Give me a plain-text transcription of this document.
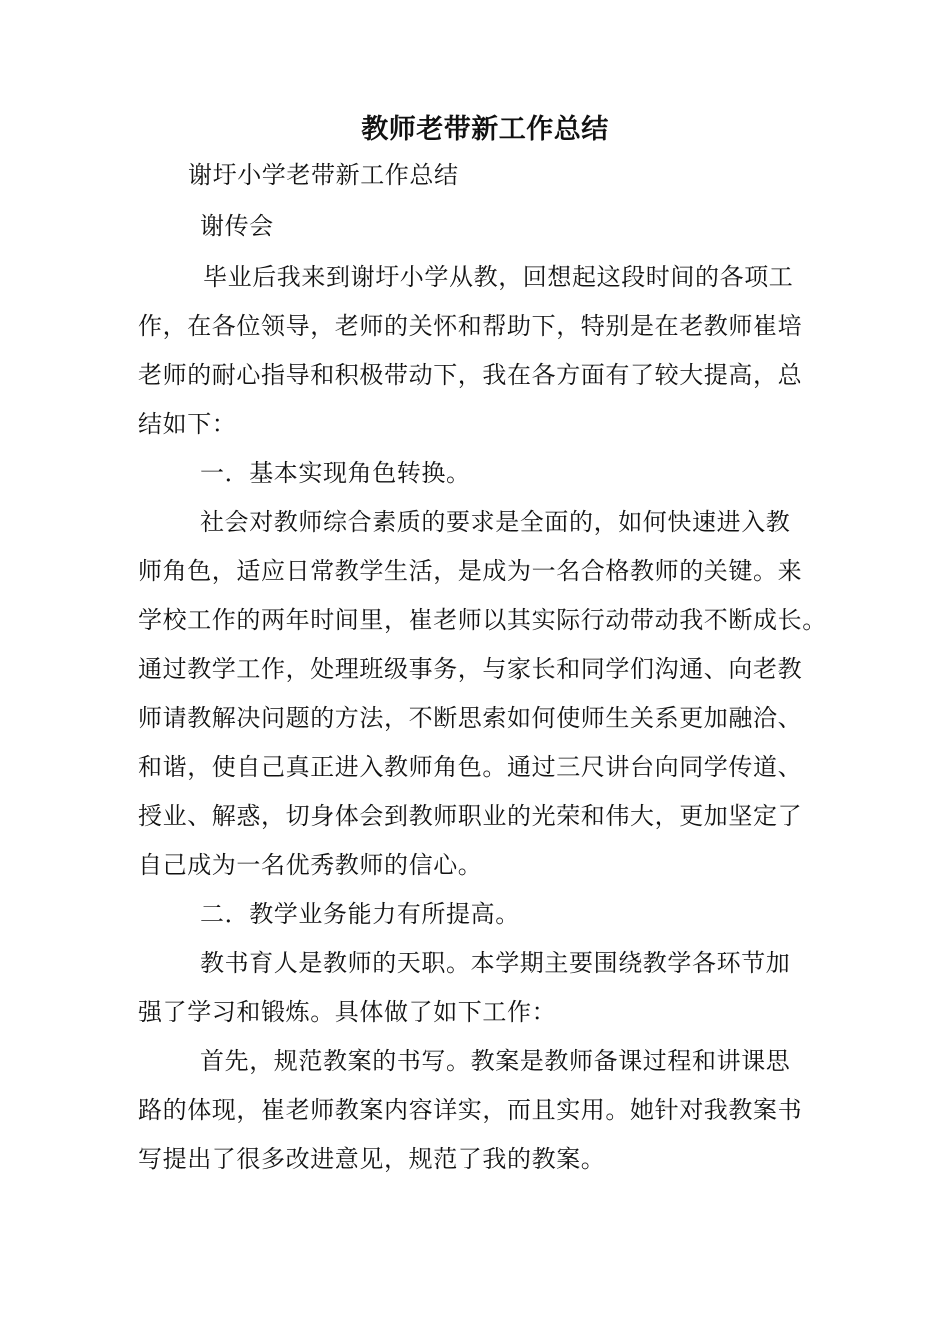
教师老带新工作总结
谢圩小学老带新工作总结
谢传会
毕业后我来到谢圩小学从教，回想起这段时间的各项工
作，在各位领导，老师的关怀和帮助下，特别是在老教师崔培
老师的耐心指导和积极带动下，我在各方面有了较大提高，总
结如下：
一．基本实现角色转换。
社会对教师综合素质的要求是全面的，如何快速进入教
师角色，适应日常教学生活，是成为一名合格教师的关键。来
学校工作的两年时间里，崔老师以其实际行动带动我不断成长。
通过教学工作，处理班级事务，与家长和同学们沟通、向老教
师请教解决问题的方法，不断思索如何使师生关系更加融洽、
和谐，使自己真正进入教师角色。通过三尺讲台向同学传道、
授业、解惑，切身体会到教师职业的光荣和伟大，更加坚定了
自己成为一名优秀教师的信心。
二．教学业务能力有所提高。
教书育人是教师的天职。本学期主要围绕教学各环节加
强了学习和锻炼。具体做了如下工作：
首先，规范教案的书写。教案是教师备课过程和讲课思
路的体现，崔老师教案内容详实，而且实用。她针对我教案书
写提出了很多改进意见，规范了我的教案。
